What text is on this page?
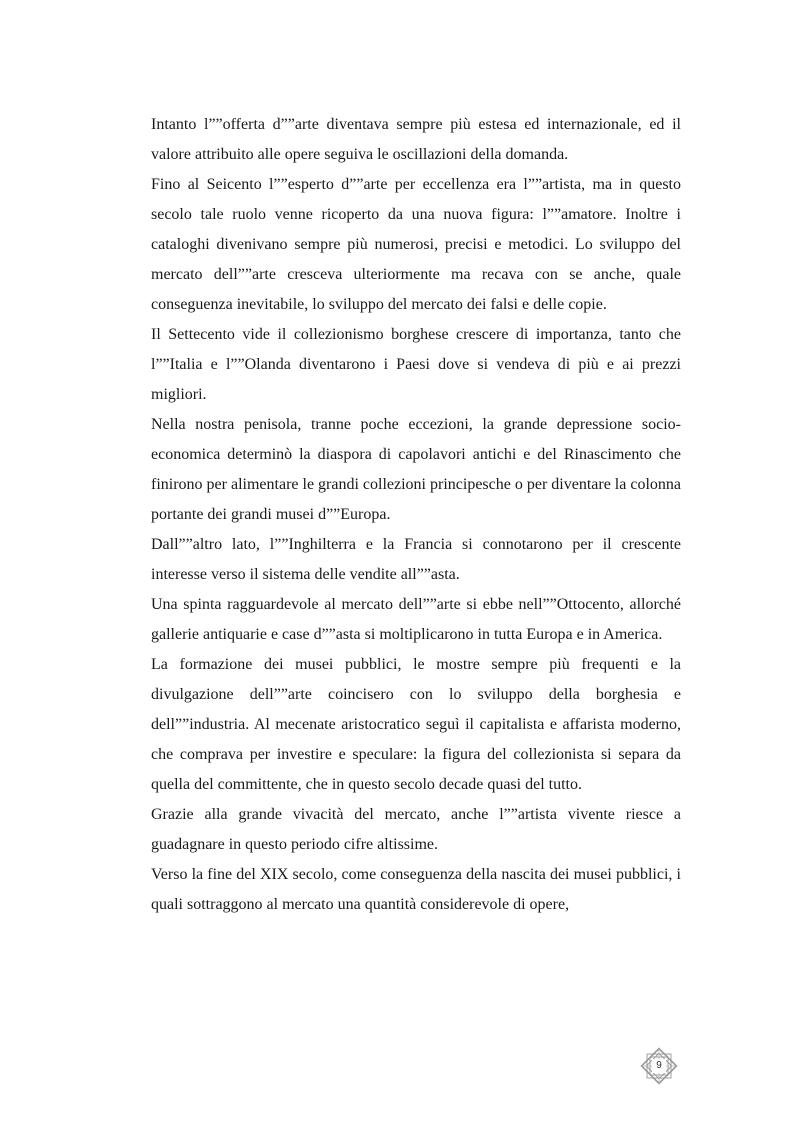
Intanto l””offerta d””arte diventava sempre più estesa ed internazionale, ed il valore attribuito alle opere seguiva le oscillazioni della domanda.

Fino al Seicento l””esperto d””arte per eccellenza era l””artista, ma in questo secolo tale ruolo venne ricoperto da una nuova figura: l””amatore. Inoltre i cataloghi divenivano sempre più numerosi, precisi e metodici. Lo sviluppo del mercato dell””arte cresceva ulteriormente ma recava con se anche, quale conseguenza inevitabile, lo sviluppo del mercato dei falsi e delle copie.

Il Settecento vide il collezionismo borghese crescere di importanza, tanto che l””Italia e l””Olanda diventarono i Paesi dove si vendeva di più e ai prezzi migliori.

Nella nostra penisola, tranne poche eccezioni, la grande depressione socio-economica determinò la diaspora di capolavori antichi e del Rinascimento che finirono per alimentare le grandi collezioni principesche o per diventare la colonna portante dei grandi musei d””Europa.

Dall””altro lato, l””Inghilterra e la Francia si connotarono per il crescente interesse verso il sistema delle vendite all””asta.

Una spinta ragguardevole al mercato dell””arte si ebbe nell””Ottocento, allorché gallerie antiquarie e case d””asta si moltiplicarono in tutta Europa e in America.

La formazione dei musei pubblici, le mostre sempre più frequenti e la divulgazione dell””arte coincisero con lo sviluppo della borghesia e dell””industria. Al mecenate aristocratico seguì il capitalista e affarista moderno, che comprava per investire e speculare: la figura del collezionista si separa da quella del committente, che in questo secolo decade quasi del tutto.

Grazie alla grande vivacità del mercato, anche l””artista vivente riesce a guadagnare in questo periodo cifre altissime.

Verso la fine del XIX secolo, come conseguenza della nascita dei musei pubblici, i quali sottraggono al mercato una quantità considerevole di opere,

9
